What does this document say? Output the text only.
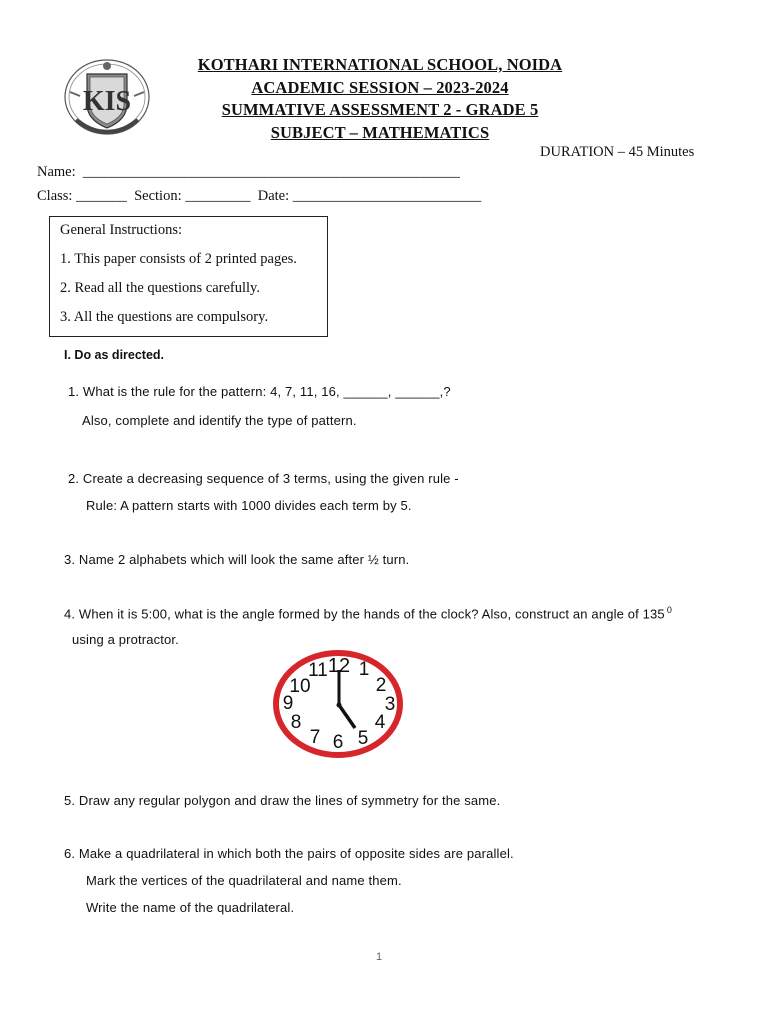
KIS
KOTHARI INTERNATIONAL SCHOOL, NOIDA
ACADEMIC SESSION – 2023-2024
SUMMATIVE ASSESSMENT 2 - GRADE 5
SUBJECT – MATHEMATICS
DURATION – 45 Minutes
Name:  ____________________________________________________
Class: _______  Section: _________  Date: __________________________
General Instructions:
1. This paper consists of 2 printed pages.
2. Read all the questions carefully.
3. All the questions are compulsory.
I. Do as directed.
1. What is the rule for the pattern: 4, 7, 11, 16, ______, ______,?
Also, complete and identify the type of pattern.
2. Create a decreasing sequence of 3 terms, using the given rule -
Rule: A pattern starts with 1000 divides each term by 5.
3. Name 2 alphabets which will look the same after ½ turn.
4. When it is 5:00, what is the angle formed by the hands of the clock? Also, construct an angle of 135 $^0$
using a protractor.
12 1
2
3
4
5
6
7
8
9
10
11
5. Draw any regular polygon and draw the lines of symmetry for the same.
6. Make a quadrilateral in which both the pairs of opposite sides are parallel.
Mark the vertices of the quadrilateral and name them.
Write the name of the quadrilateral.
1
